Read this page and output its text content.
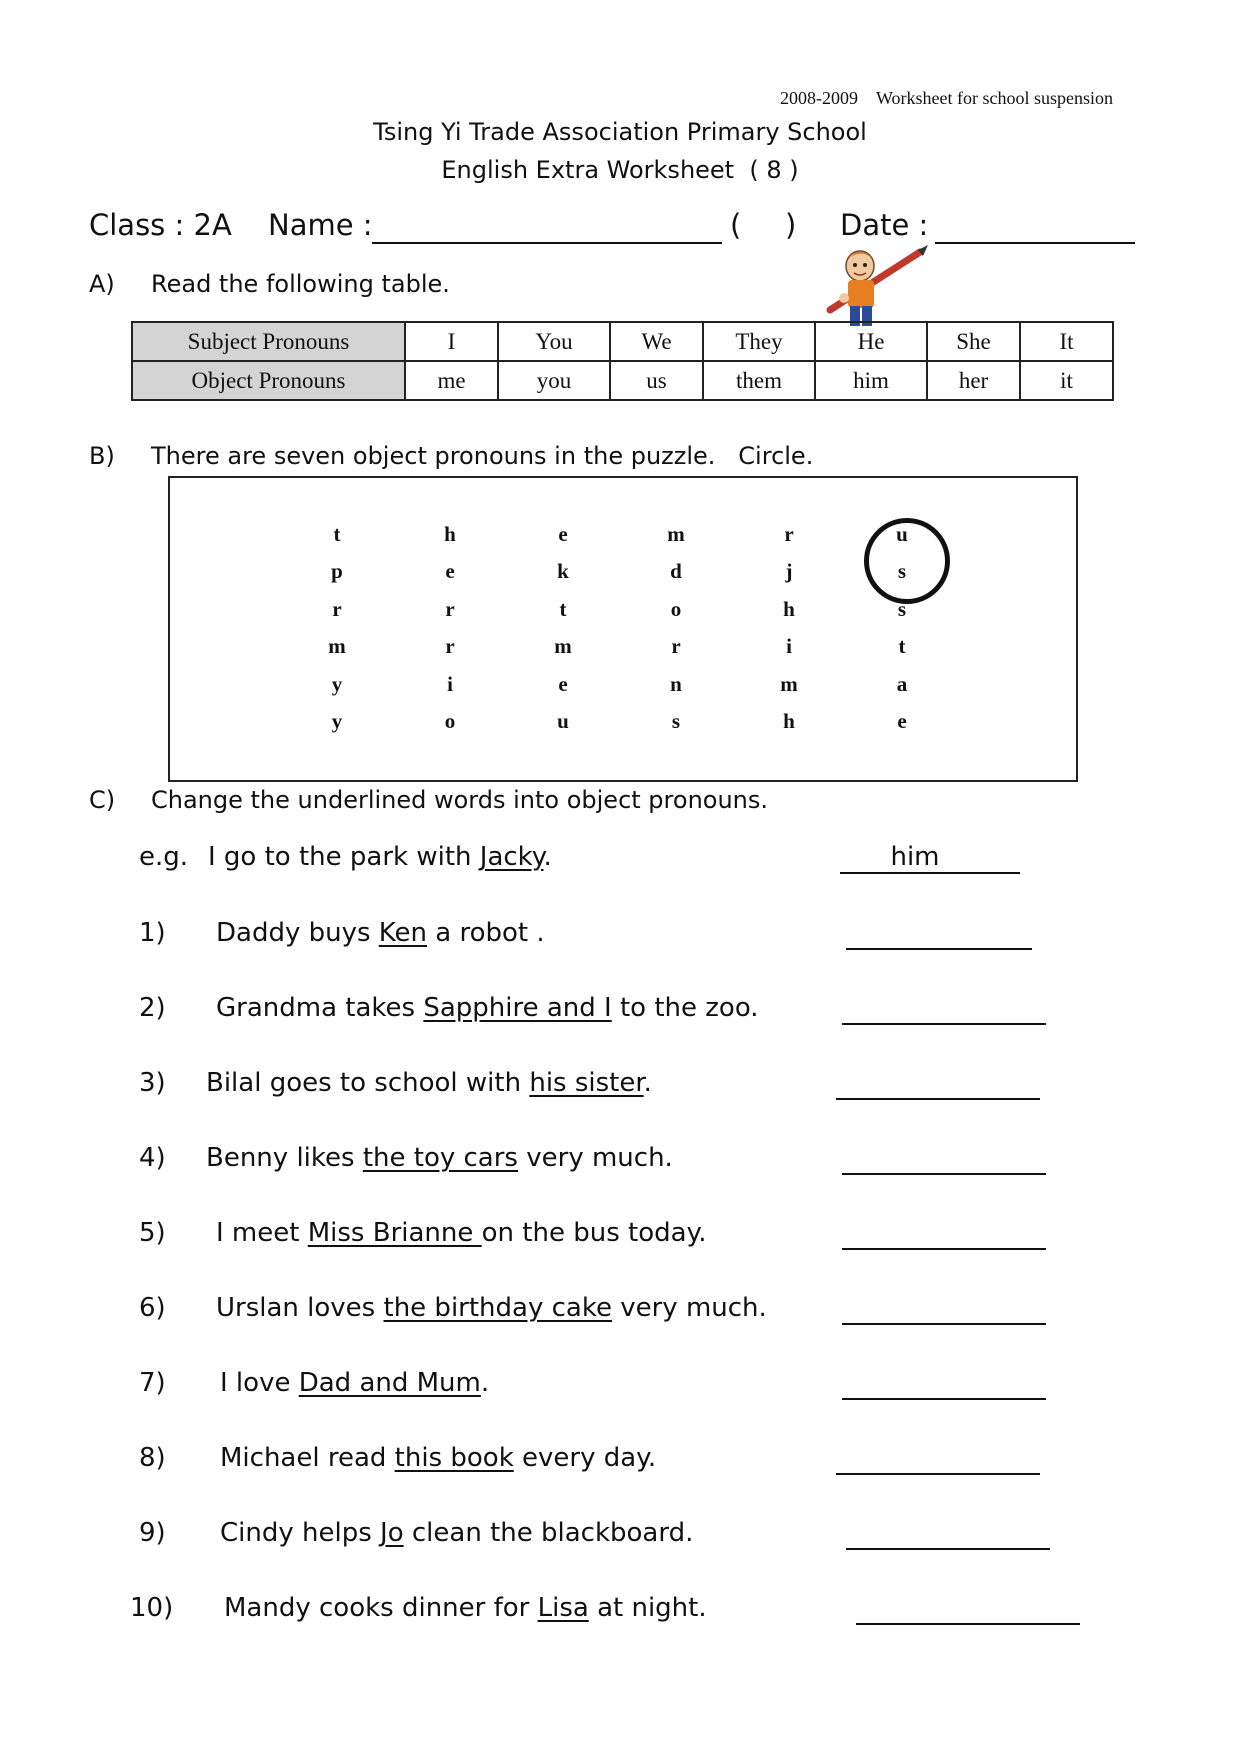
2008-2009 Worksheet for school suspension
Tsing Yi Trade Association Primary School
English Extra Worksheet  ( 8 )
Class : 2A Name :	( ) Date :
A) Read the following table.
Subject Pronouns	I	You	We	They	He	She	It
Object Pronouns	me	you	us	them	him	her	it
B) There are seven object pronouns in the puzzle.   Circle.
t	h	e	m	r	u
p	e	k	d	j	s
r	r	t	o	h	s
m	r	m	r	i	t
y	i	e	n	m	a
y	o	u	s	h	e
C) Change the underlined words into object pronouns.
e.g. I go to the park with Jacky.	him
1) Daddy buys Ken a robot .
2) Grandma takes Sapphire and I to the zoo.
3) Bilal goes to school with his sister.
4) Benny likes the toy cars very much.
5) I meet Miss Brianne on the bus today.
6) Urslan loves the birthday cake very much.
7) I love Dad and Mum.
8) Michael read this book every day.
9) Cindy helps Jo clean the blackboard.
10) Mandy cooks dinner for Lisa at night.
